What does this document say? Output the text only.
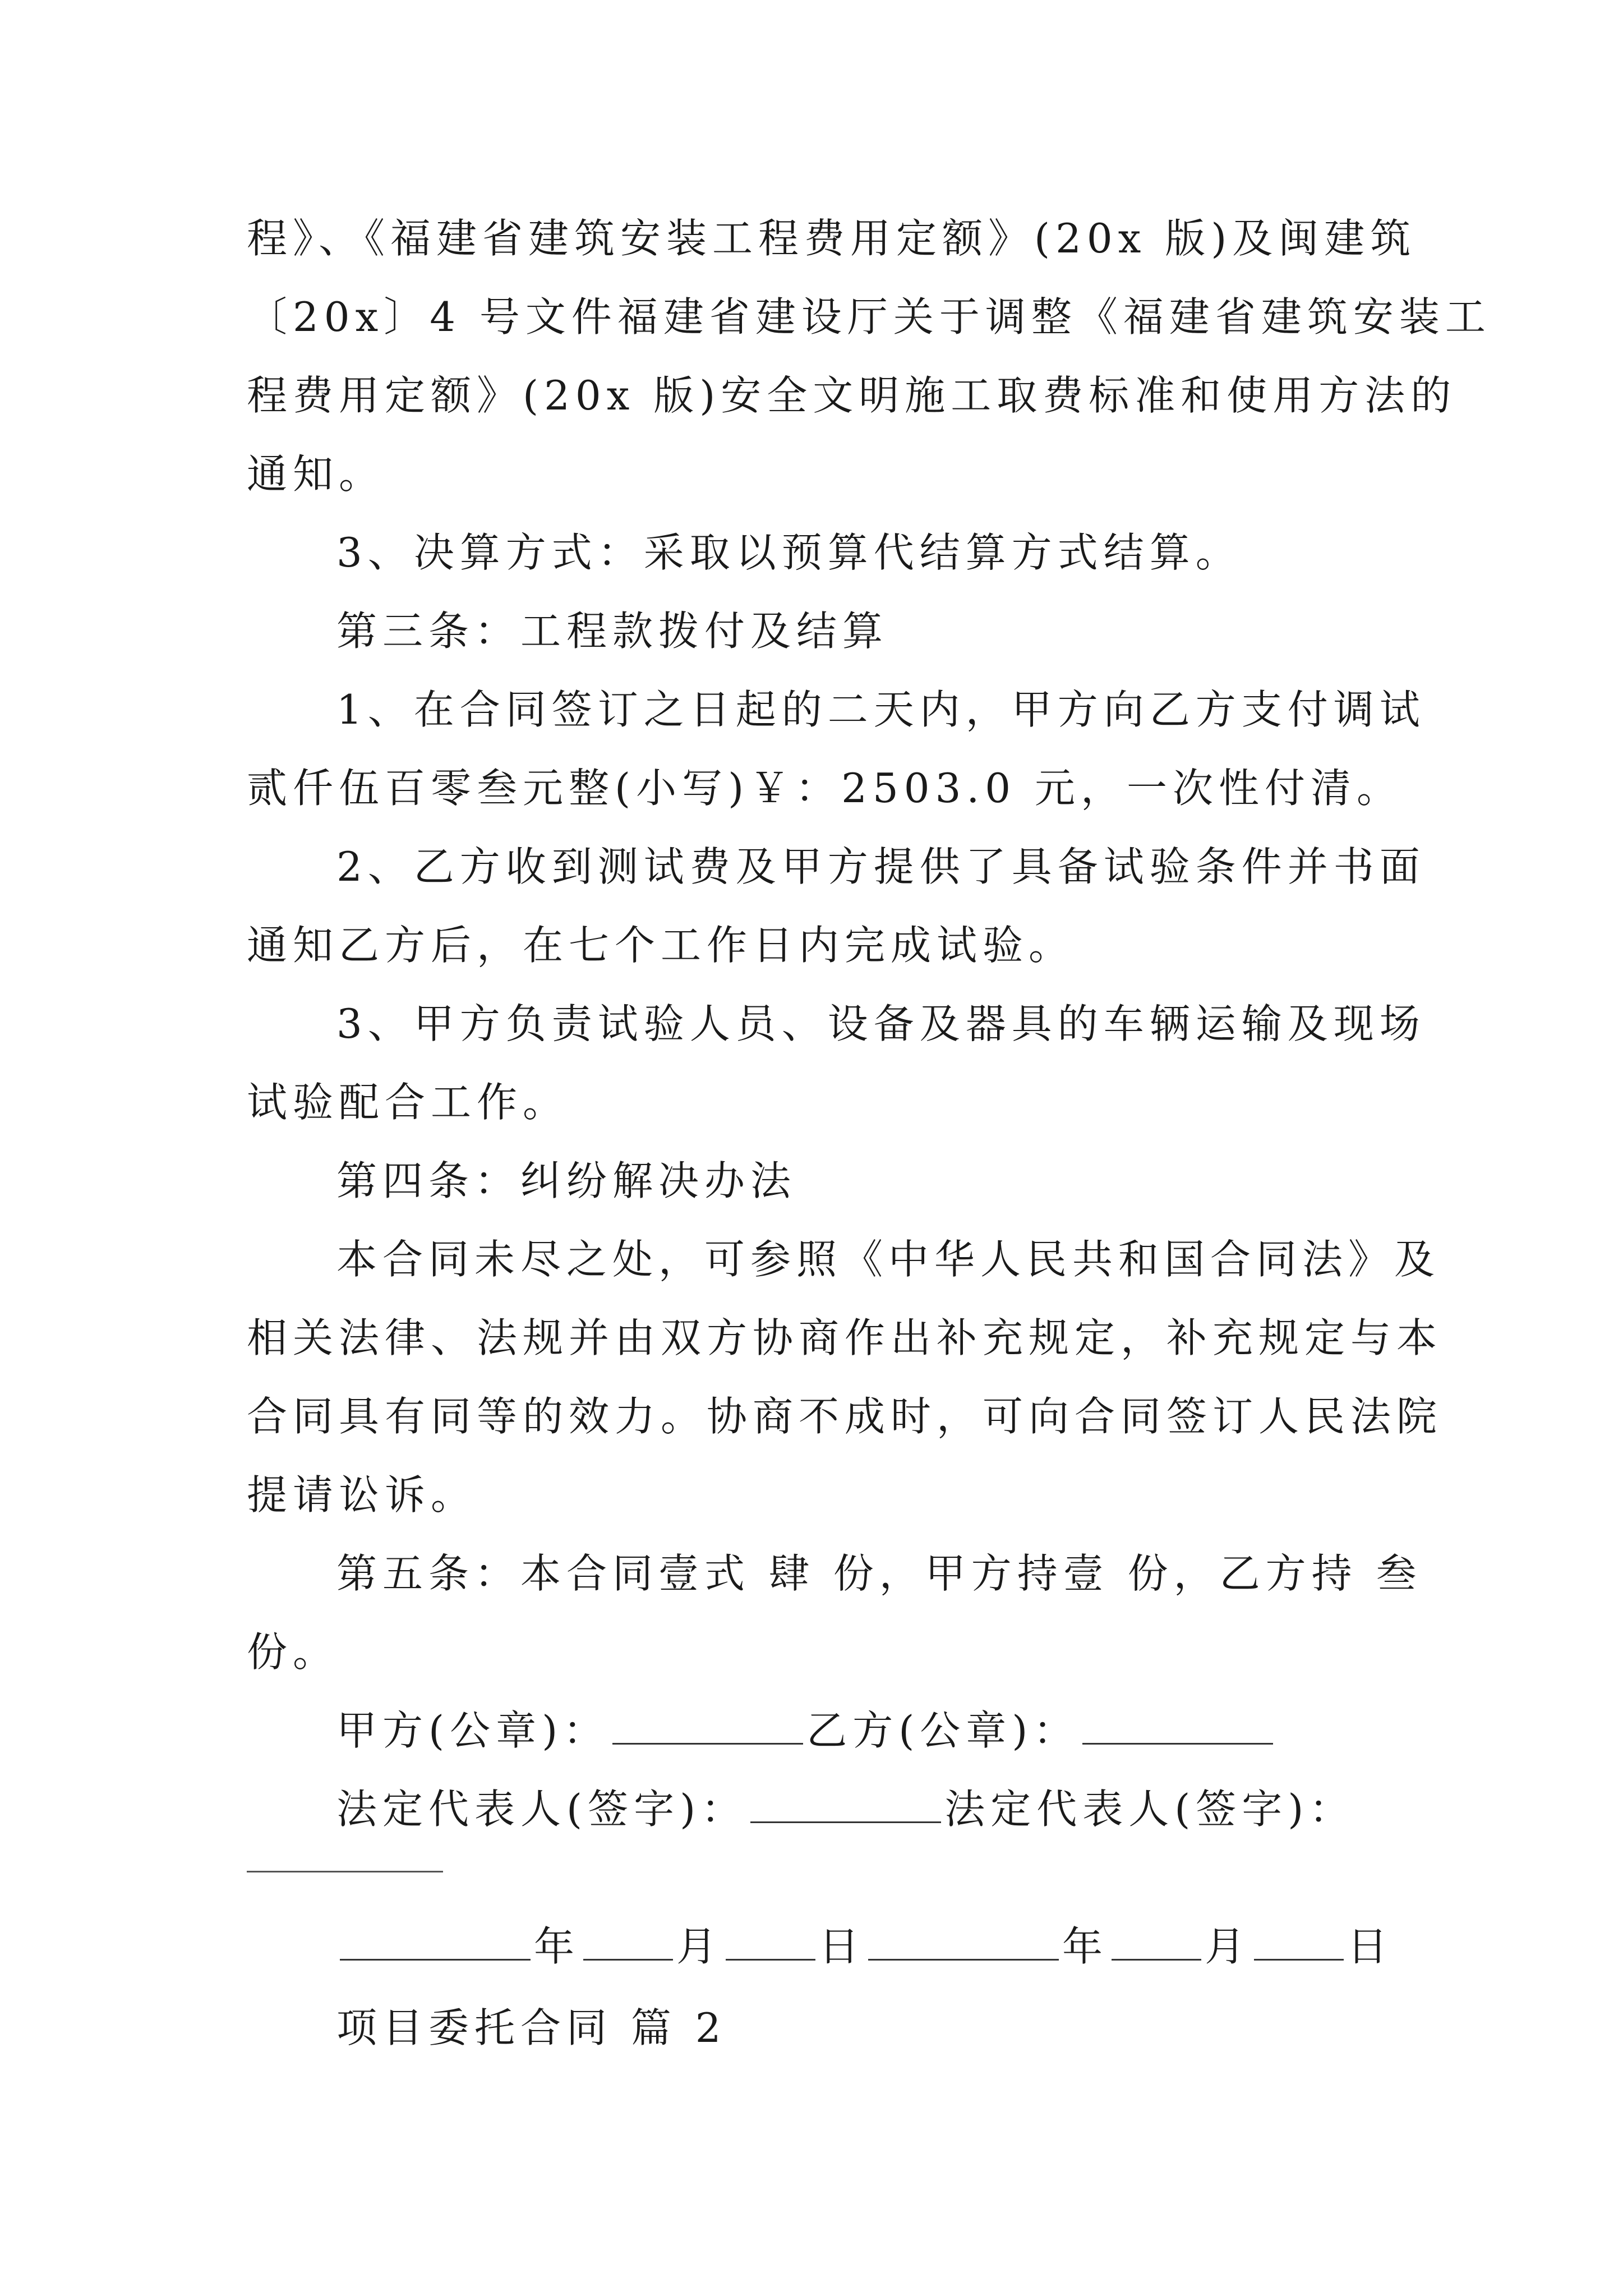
程》、《福建省建筑安装工程费用定额》(20x 版)及闽建筑
〔20x〕4 号文件福建省建设厅关于调整《福建省建筑安装工
程费用定额》(20x 版)安全文明施工取费标准和使用方法的
通知。
3、决算方式：采取以预算代结算方式结算。
第三条：工程款拨付及结算
1、在合同签订之日起的二天内，甲方向乙方支付调试
贰仟伍百零叁元整(小写)￥：2503.0 元，一次性付清。
2、乙方收到测试费及甲方提供了具备试验条件并书面
通知乙方后，在七个工作日内完成试验。
3、甲方负责试验人员、设备及器具的车辆运输及现场
试验配合工作。
第四条：纠纷解决办法
本合同未尽之处，可参照《中华人民共和国合同法》及
相关法律、法规并由双方协商作出补充规定，补充规定与本
合同具有同等的效力。协商不成时，可向合同签订人民法院
提请讼诉。
第五条：本合同壹式 肆 份，甲方持壹 份，乙方持 叁
份。
甲方(公章)：	乙方(公章)：
法定代表人(签字)：	法定代表人(签字)：
年 月 日	年 月 日
项目委托合同 篇 2
